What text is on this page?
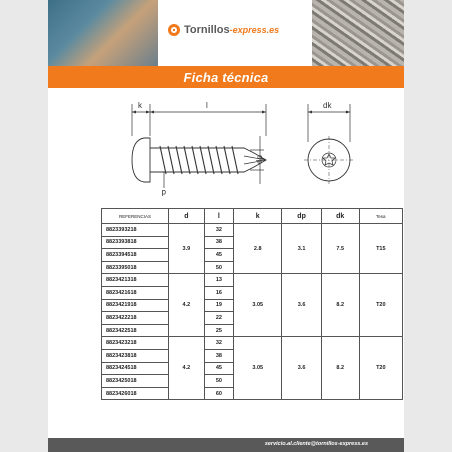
Tornillos-express.es
Ficha técnica
k	l
dp
d
dk
REFERENCIAS	d	l	k	dp	dk	Tesa
8823393218	3.9	32	2.8	3.1	7.5	T15
8823393818		38				
8823394518		45				
8823395018		50				
8823421318	4.2	13	3.05	3.6	8.2	T20
8823421618		16				
8823421918		19				
8823422218		22				
8823422518		25				
8823423218	4.2	32	3.05	3.6	8.2	T20
8823423818		38				
8823424518		45				
8823425018		50				
8823426018		60				
servicio.al.cliente@tornillos-express.es
